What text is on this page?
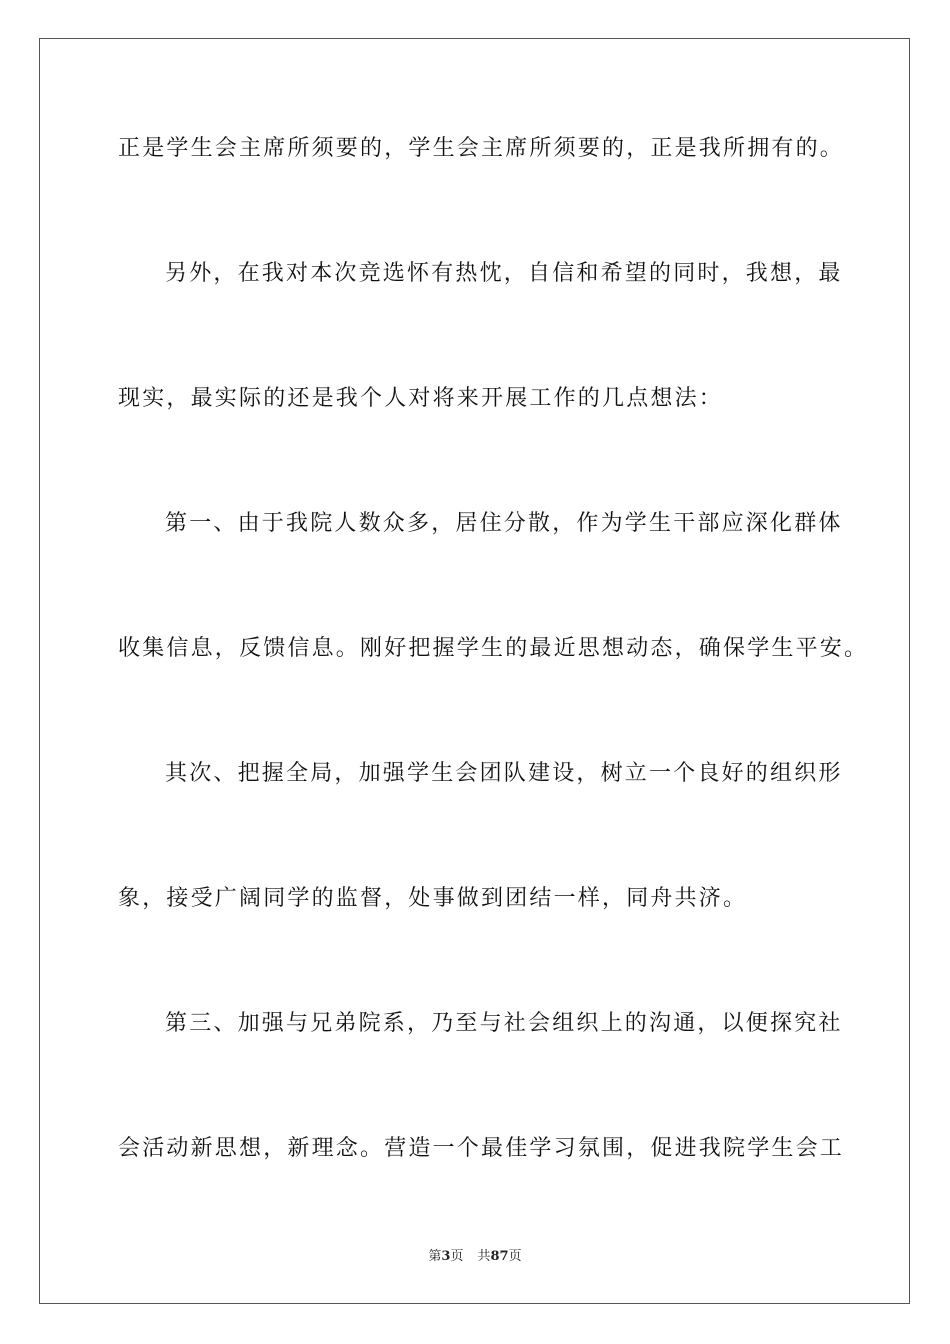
正是学生会主席所须要的，学生会主席所须要的，正是我所拥有的。
另外，在我对本次竞选怀有热忱，自信和希望的同时，我想，最
现实，最实际的还是我个人对将来开展工作的几点想法：
第一、由于我院人数众多，居住分散，作为学生干部应深化群体
收集信息，反馈信息。刚好把握学生的最近思想动态，确保学生平安。
其次、把握全局，加强学生会团队建设，树立一个良好的组织形
象，接受广阔同学的监督，处事做到团结一样，同舟共济。
第三、加强与兄弟院系，乃至与社会组织上的沟通，以便探究社
会活动新思想，新理念。营造一个最佳学习氛围，促进我院学生会工
第3页 共87页
